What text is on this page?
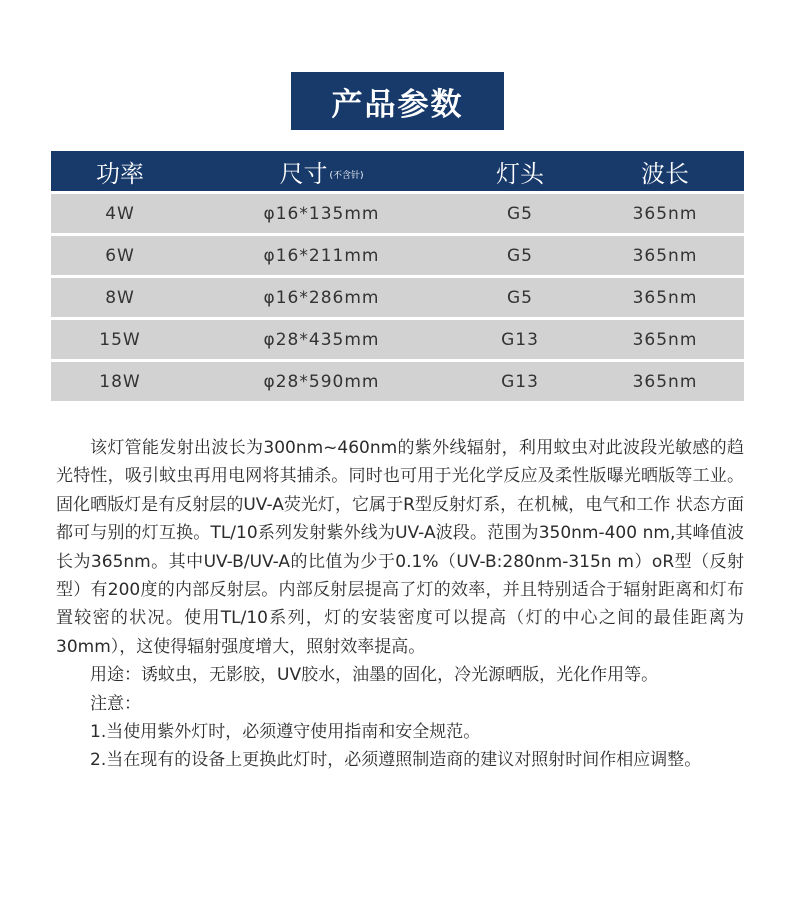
产品参数
功率	尺寸 (不含针)	灯头	波长
4W	φ16*135mm	G5	365nm
6W	φ16*211mm	G5	365nm
8W	φ16*286mm	G5	365nm
15W	φ28*435mm	G13	365nm
18W	φ28*590mm	G13	365nm

该灯管能发射出波长为300nm~460nm的紫外线辐射，利用蚊虫对此波段光敏感的趋 光特性，吸引蚊虫再用电网将其捕杀。同时也可用于光化学反应及柔性版曝光晒版等工业。固化晒版灯是有反射层的UV-A荧光灯，它属于R型反射灯系，在机械，电气和工作 状态方面都可与别的灯互换。TL/10系列发射紫外线为UV-A波段。范围为350nm-400 nm,其峰值波长为365nm。其中UV-B/UV-A的比值为少于0.1%（UV-B:280nm-315n m）oR型（反射型）有200度的内部反射层。内部反射层提高了灯的效率，并且特别适合于辐射距离和灯布置较密的状况。使用TL/10系列，灯的安装密度可以提高（灯的中心之间的最佳距离为30mm），这使得辐射强度增大，照射效率提高。

用途：诱蚊虫，无影胶，UV胶水，油墨的固化，冷光源晒版，光化作用等。

注意：

1.当使用紫外灯时，必须遵守使用指南和安全规范。

2.当在现有的设备上更换此灯时，必须遵照制造商的建议对照射时间作相应调整。
